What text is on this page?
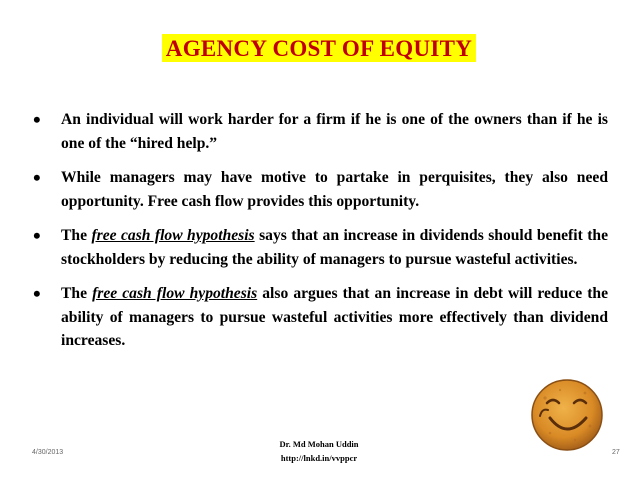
AGENCY COST OF EQUITY
• An individual will work harder for a firm if he is one of the owners than if he is one of the “hired help.”
• While managers may have motive to partake in perquisites, they also need opportunity. Free cash flow provides this opportunity.
• The free cash flow hypothesis says that an increase in dividends should benefit the stockholders by reducing the ability of managers to pursue wasteful activities.
• The free cash flow hypothesis also argues that an increase in debt will reduce the ability of managers to pursue wasteful activities more effectively than dividend increases.
4/30/2013
Dr. Md Mohan Uddin
http://lnkd.in/vvppcr
27
